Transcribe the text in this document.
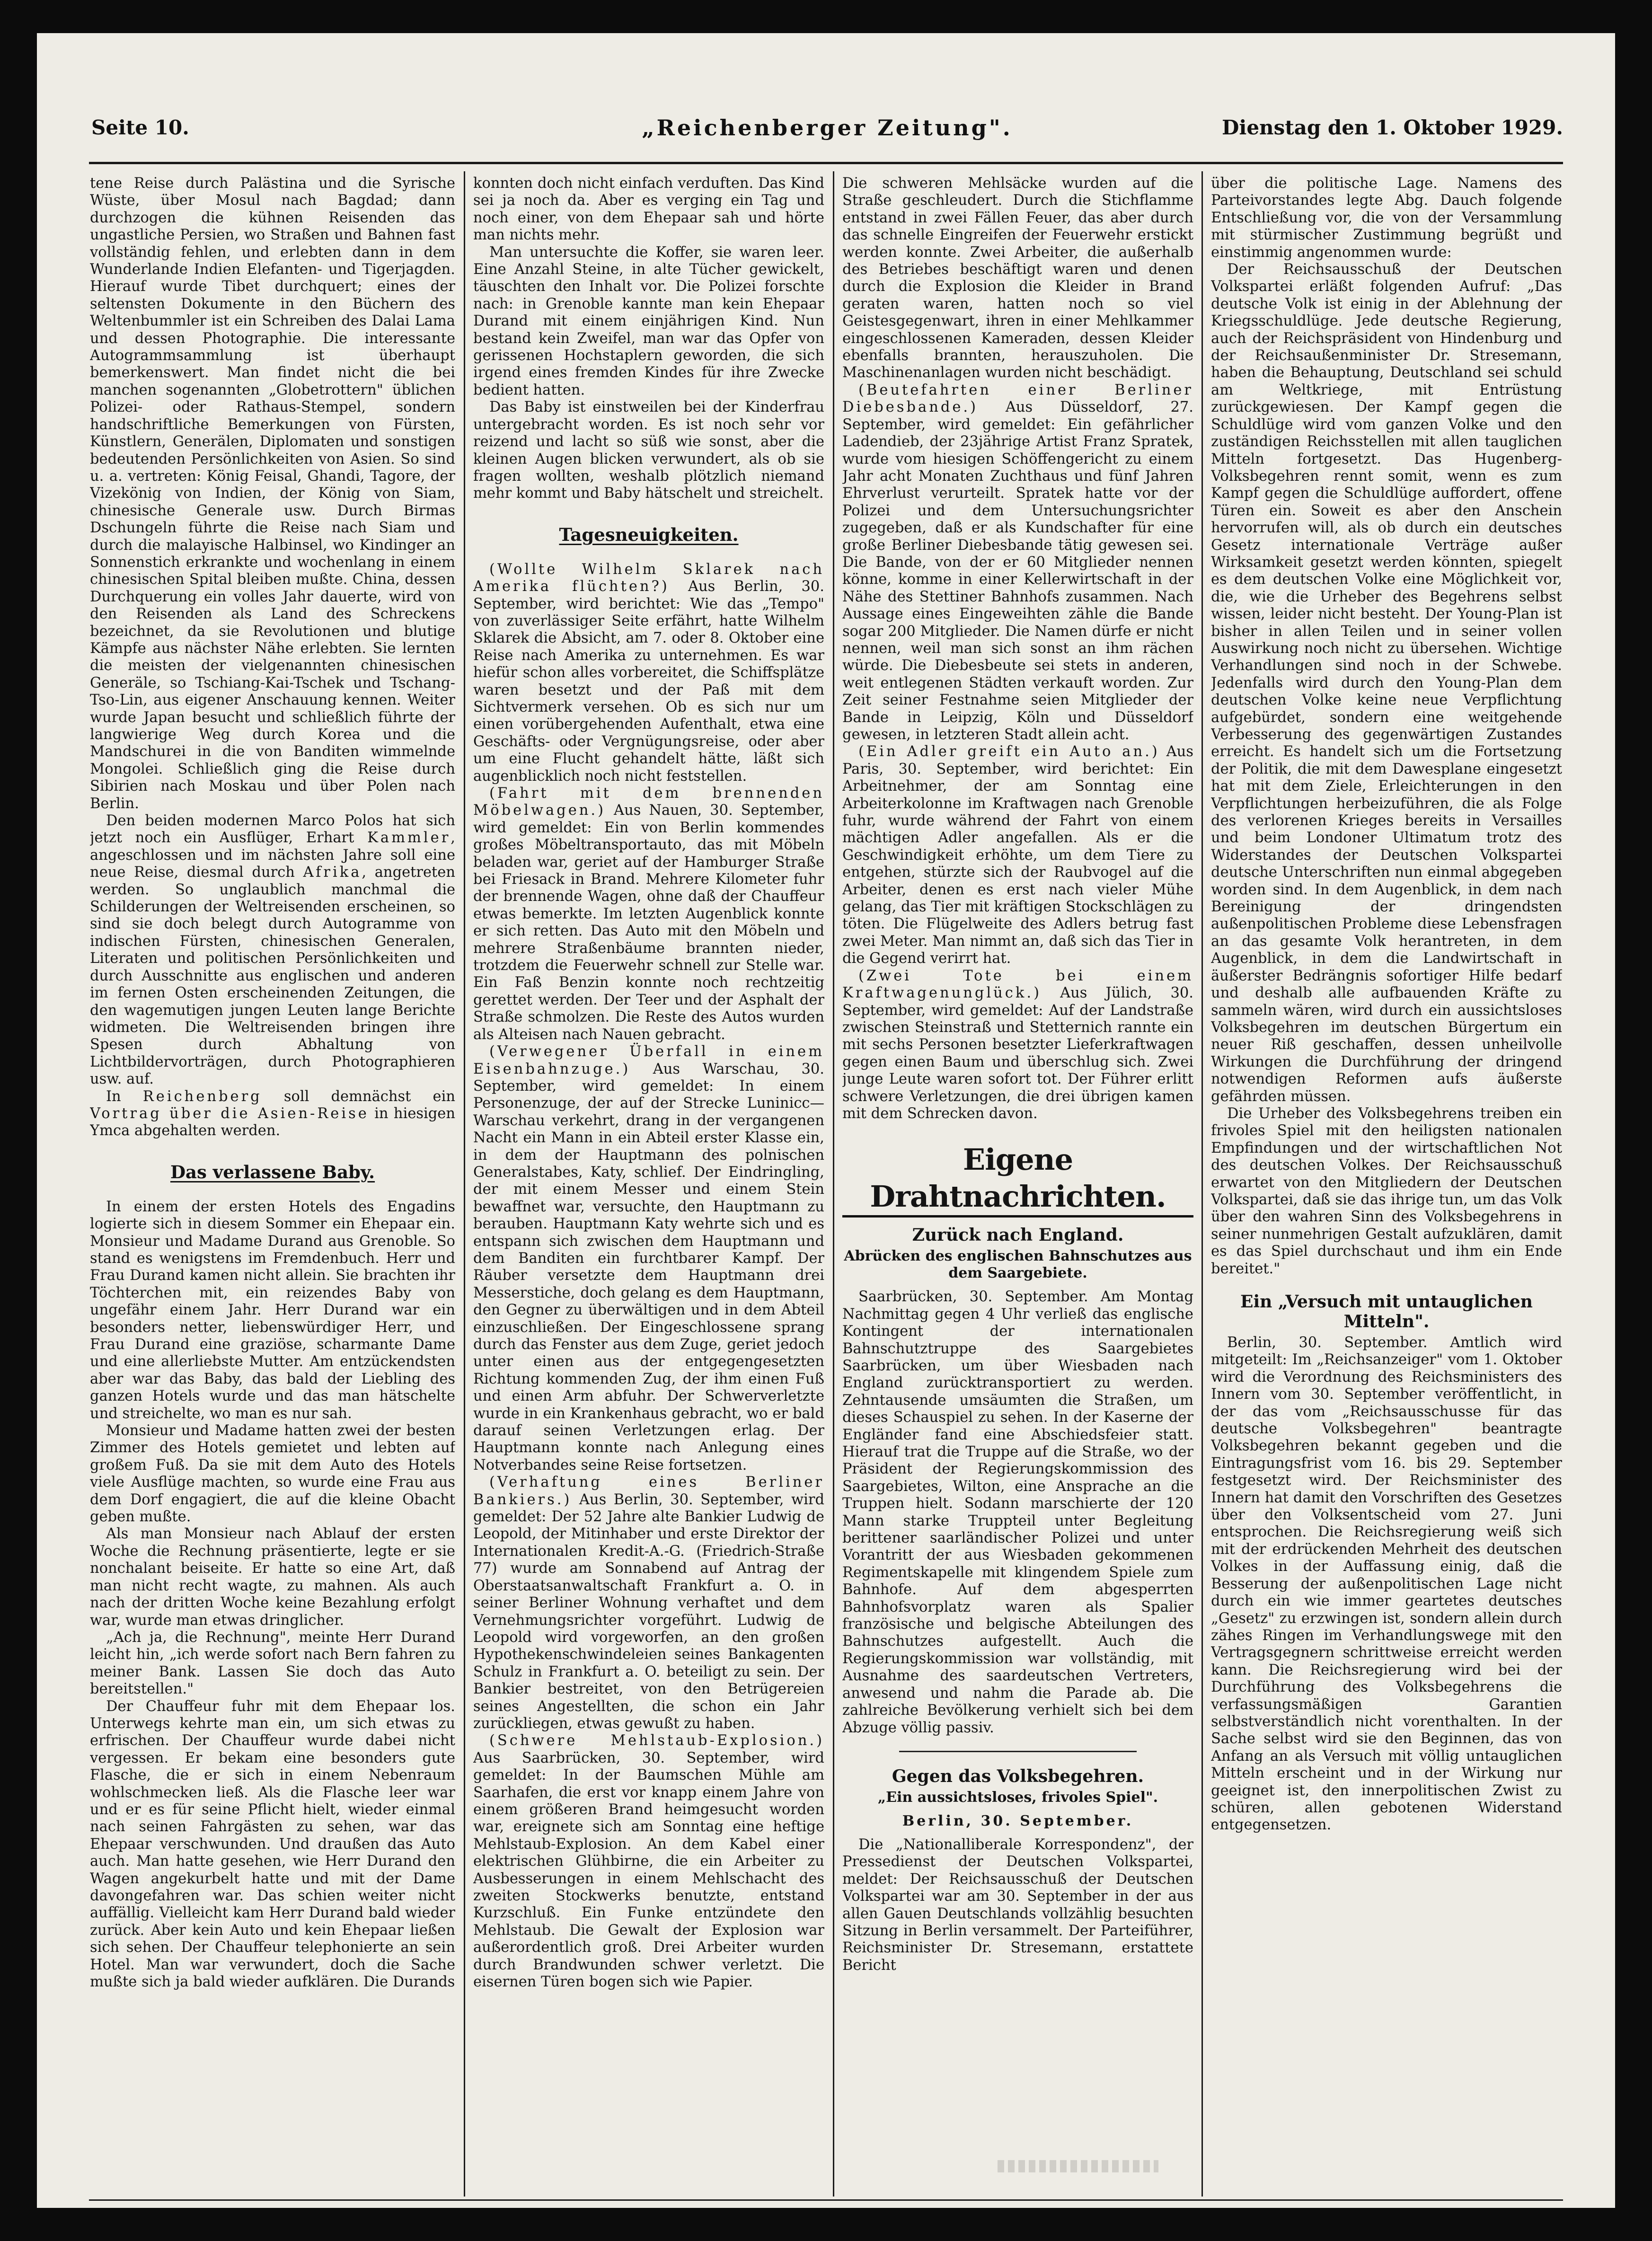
Seite 10.	„Reichenberger Zeitung".	Dienstag den 1. Oktober 1929.

tene Reise durch Palästina und die Syrische Wüste, über Mosul nach Bagdad; dann durchzogen die kühnen Reisenden das ungastliche Persien, wo Straßen und Bahnen fast vollständig fehlen, und erlebten dann in dem Wunderlande Indien Elefanten- und Tigerjagden. Hierauf wurde Tibet durchquert; eines der seltensten Dokumente in den Büchern des Weltenbummler ist ein Schreiben des Dalai Lama und dessen Photographie. Die interessante Autogrammsammlung ist überhaupt bemerkenswert. Man findet nicht die bei manchen sogenannten „Globetrottern" üblichen Polizei- oder Rathaus-Stempel, sondern handschriftliche Bemerkungen von Fürsten, Künstlern, Generälen, Diplomaten und sonstigen bedeutenden Persönlichkeiten von Asien. So sind u. a. vertreten: König Feisal, Ghandi, Tagore, der Vizekönig von Indien, der König von Siam, chinesische Generale usw. Durch Birmas Dschungeln führte die Reise nach Siam und durch die malayische Halbinsel, wo Kindinger an Sonnenstich erkrankte und wochenlang in einem chinesischen Spital bleiben mußte. China, dessen Durchquerung ein volles Jahr dauerte, wird von den Reisenden als Land des Schreckens bezeichnet, da sie Revolutionen und blutige Kämpfe aus nächster Nähe erlebten. Sie lernten die meisten der vielgenannten chinesischen Generäle, so Tschiang-Kai-Tschek und Tschang-Tso-Lin, aus eigener Anschauung kennen. Weiter wurde Japan besucht und schließlich führte der langwierige Weg durch Korea und die Mandschurei in die von Banditen wimmelnde Mongolei. Schließlich ging die Reise durch Sibirien nach Moskau und über Polen nach Berlin.

Den beiden modernen Marco Polos hat sich jetzt noch ein Ausflüger, Erhart Kammler, angeschlossen und im nächsten Jahre soll eine neue Reise, diesmal durch Afrika, angetreten werden. So unglaublich manchmal die Schilderungen der Weltreisenden erscheinen, so sind sie doch belegt durch Autogramme von indischen Fürsten, chinesischen Generalen, Literaten und politischen Persönlichkeiten und durch Ausschnitte aus englischen und anderen im fernen Osten erscheinenden Zeitungen, die den wagemutigen jungen Leuten lange Berichte widmeten. Die Weltreisenden bringen ihre Spesen durch Abhaltung von Lichtbildervorträgen, durch Photographieren usw. auf.

In Reichenberg soll demnächst ein Vortrag über die Asien-Reise in hiesigen Ymca abgehalten werden.

Das verlassene Baby.

In einem der ersten Hotels des Engadins logierte sich in diesem Sommer ein Ehepaar ein. Monsieur und Madame Durand aus Grenoble. So stand es wenigstens im Fremdenbuch. Herr und Frau Durand kamen nicht allein. Sie brachten ihr Töchterchen mit, ein reizendes Baby von ungefähr einem Jahr. Herr Durand war ein besonders netter, liebenswürdiger Herr, und Frau Durand eine graziöse, scharmante Dame und eine allerliebste Mutter. Am entzückendsten aber war das Baby, das bald der Liebling des ganzen Hotels wurde und das man hätschelte und streichelte, wo man es nur sah.

Monsieur und Madame hatten zwei der besten Zimmer des Hotels gemietet und lebten auf großem Fuß. Da sie mit dem Auto des Hotels viele Ausflüge machten, so wurde eine Frau aus dem Dorf engagiert, die auf die kleine Obacht geben mußte.

Als man Monsieur nach Ablauf der ersten Woche die Rechnung präsentierte, legte er sie nonchalant beiseite. Er hatte so eine Art, daß man nicht recht wagte, zu mahnen. Als auch nach der dritten Woche keine Bezahlung erfolgt war, wurde man etwas dringlicher.

„Ach ja, die Rechnung", meinte Herr Durand leicht hin, „ich werde sofort nach Bern fahren zu meiner Bank. Lassen Sie doch das Auto bereitstellen."

Der Chauffeur fuhr mit dem Ehepaar los. Unterwegs kehrte man ein, um sich etwas zu erfrischen. Der Chauffeur wurde dabei nicht vergessen. Er bekam eine besonders gute Flasche, die er sich in einem Nebenraum wohlschmecken ließ. Als die Flasche leer war und er es für seine Pflicht hielt, wieder einmal nach seinen Fahrgästen zu sehen, war das Ehepaar verschwunden. Und draußen das Auto auch. Man hatte gesehen, wie Herr Durand den Wagen angekurbelt hatte und mit der Dame davongefahren war. Das schien weiter nicht auffällig. Vielleicht kam Herr Durand bald wieder zurück. Aber kein Auto und kein Ehepaar ließen sich sehen. Der Chauffeur telephonierte an sein Hotel. Man war verwundert, doch die Sache mußte sich ja bald wieder aufklären. Die Durands

konnten doch nicht einfach verduften. Das Kind sei ja noch da. Aber es verging ein Tag und noch einer, von dem Ehepaar sah und hörte man nichts mehr.

Man untersuchte die Koffer, sie waren leer. Eine Anzahl Steine, in alte Tücher gewickelt, täuschten den Inhalt vor. Die Polizei forschte nach: in Grenoble kannte man kein Ehepaar Durand mit einem einjährigen Kind. Nun bestand kein Zweifel, man war das Opfer von gerissenen Hochstaplern geworden, die sich irgend eines fremden Kindes für ihre Zwecke bedient hatten.

Das Baby ist einstweilen bei der Kinderfrau untergebracht worden. Es ist noch sehr vor reizend und lacht so süß wie sonst, aber die kleinen Augen blicken verwundert, als ob sie fragen wollten, weshalb plötzlich niemand mehr kommt und Baby hätschelt und streichelt.

Tagesneuigkeiten.

(Wollte Wilhelm Sklarek nach Amerika flüchten?) Aus Berlin, 30. September, wird berichtet: Wie das „Tempo" von zuverlässiger Seite erfährt, hatte Wilhelm Sklarek die Absicht, am 7. oder 8. Oktober eine Reise nach Amerika zu unternehmen. Es war hiefür schon alles vorbereitet, die Schiffsplätze waren besetzt und der Paß mit dem Sichtvermerk versehen. Ob es sich nur um einen vorübergehenden Aufenthalt, etwa eine Geschäfts- oder Vergnügungsreise, oder aber um eine Flucht gehandelt hätte, läßt sich augenblicklich noch nicht feststellen.

(Fahrt mit dem brennenden Möbelwagen.) Aus Nauen, 30. September, wird gemeldet: Ein von Berlin kommendes großes Möbeltransportauto, das mit Möbeln beladen war, geriet auf der Hamburger Straße bei Friesack in Brand. Mehrere Kilometer fuhr der brennende Wagen, ohne daß der Chauffeur etwas bemerkte. Im letzten Augenblick konnte er sich retten. Das Auto mit den Möbeln und mehrere Straßenbäume brannten nieder, trotzdem die Feuerwehr schnell zur Stelle war. Ein Faß Benzin konnte noch rechtzeitig gerettet werden. Der Teer und der Asphalt der Straße schmolzen. Die Reste des Autos wurden als Alteisen nach Nauen gebracht.

(Verwegener Überfall in einem Eisenbahnzuge.) Aus Warschau, 30. September, wird gemeldet: In einem Personenzuge, der auf der Strecke Luninicc—Warschau verkehrt, drang in der vergangenen Nacht ein Mann in ein Abteil erster Klasse ein, in dem der Hauptmann des polnischen Generalstabes, Katy, schlief. Der Eindringling, der mit einem Messer und einem Stein bewaffnet war, versuchte, den Hauptmann zu berauben. Hauptmann Katy wehrte sich und es entspann sich zwischen dem Hauptmann und dem Banditen ein furchtbarer Kampf. Der Räuber versetzte dem Hauptmann drei Messerstiche, doch gelang es dem Hauptmann, den Gegner zu überwältigen und in dem Abteil einzuschließen. Der Eingeschlossene sprang durch das Fenster aus dem Zuge, geriet jedoch unter einen aus der entgegengesetzten Richtung kommenden Zug, der ihm einen Fuß und einen Arm abfuhr. Der Schwerverletzte wurde in ein Krankenhaus gebracht, wo er bald darauf seinen Verletzungen erlag. Der Hauptmann konnte nach Anlegung eines Notverbandes seine Reise fortsetzen.

(Verhaftung eines Berliner Bankiers.) Aus Berlin, 30. September, wird gemeldet: Der 52 Jahre alte Bankier Ludwig de Leopold, der Mitinhaber und erste Direktor der Internationalen Kredit-A.-G. (Friedrich-Straße 77) wurde am Sonnabend auf Antrag der Oberstaatsanwaltschaft Frankfurt a. O. in seiner Berliner Wohnung verhaftet und dem Vernehmungsrichter vorgeführt. Ludwig de Leopold wird vorgeworfen, an den großen Hypothekenschwindeleien seines Bankagenten Schulz in Frankfurt a. O. beteiligt zu sein. Der Bankier bestreitet, von den Betrügereien seines Angestellten, die schon ein Jahr zurückliegen, etwas gewußt zu haben.

(Schwere Mehlstaub-Explosion.) Aus Saarbrücken, 30. September, wird gemeldet: In der Baumschen Mühle am Saarhafen, die erst vor knapp einem Jahre von einem größeren Brand heimgesucht worden war, ereignete sich am Sonntag eine heftige Mehlstaub-Explosion. An dem Kabel einer elektrischen Glühbirne, die ein Arbeiter zu Ausbesserungen in einem Mehlschacht des zweiten Stockwerks benutzte, entstand Kurzschluß. Ein Funke entzündete den Mehlstaub. Die Gewalt der Explosion war außerordentlich groß. Drei Arbeiter wurden durch Brandwunden schwer verletzt. Die eisernen Türen bogen sich wie Papier.

Die schweren Mehlsäcke wurden auf die Straße geschleudert. Durch die Stichflamme entstand in zwei Fällen Feuer, das aber durch das schnelle Eingreifen der Feuerwehr erstickt werden konnte. Zwei Arbeiter, die außerhalb des Betriebes beschäftigt waren und denen durch die Explosion die Kleider in Brand geraten waren, hatten noch so viel Geistesgegenwart, ihren in einer Mehlkammer eingeschlossenen Kameraden, dessen Kleider ebenfalls brannten, herauszuholen. Die Maschinenanlagen wurden nicht beschädigt.

(Beutefahrten einer Berliner Diebesbande.) Aus Düsseldorf, 27. September, wird gemeldet: Ein gefährlicher Ladendieb, der 23jährige Artist Franz Spratek, wurde vom hiesigen Schöffengericht zu einem Jahr acht Monaten Zuchthaus und fünf Jahren Ehrverlust verurteilt. Spratek hatte vor der Polizei und dem Untersuchungsrichter zugegeben, daß er als Kundschafter für eine große Berliner Diebesbande tätig gewesen sei. Die Bande, von der er 60 Mitglieder nennen könne, komme in einer Kellerwirtschaft in der Nähe des Stettiner Bahnhofs zusammen. Nach Aussage eines Eingeweihten zähle die Bande sogar 200 Mitglieder. Die Namen dürfe er nicht nennen, weil man sich sonst an ihm rächen würde. Die Diebesbeute sei stets in anderen, weit entlegenen Städten verkauft worden. Zur Zeit seiner Festnahme seien Mitglieder der Bande in Leipzig, Köln und Düsseldorf gewesen, in letzteren Stadt allein acht.

(Ein Adler greift ein Auto an.) Aus Paris, 30. September, wird berichtet: Ein Arbeitnehmer, der am Sonntag eine Arbeiterkolonne im Kraftwagen nach Grenoble fuhr, wurde während der Fahrt von einem mächtigen Adler angefallen. Als er die Geschwindigkeit erhöhte, um dem Tiere zu entgehen, stürzte sich der Raubvogel auf die Arbeiter, denen es erst nach vieler Mühe gelang, das Tier mit kräftigen Stockschlägen zu töten. Die Flügelweite des Adlers betrug fast zwei Meter. Man nimmt an, daß sich das Tier in die Gegend verirrt hat.

(Zwei Tote bei einem Kraftwagenunglück.) Aus Jülich, 30. September, wird gemeldet: Auf der Landstraße zwischen Steinstraß und Stetternich rannte ein mit sechs Personen besetzter Lieferkraftwagen gegen einen Baum und überschlug sich. Zwei junge Leute waren sofort tot. Der Führer erlitt schwere Verletzungen, die drei übrigen kamen mit dem Schrecken davon.

Eigene Drahtnachrichten.
Zurück nach England.
Abrücken des englischen Bahnschutzes aus dem Saargebiete.

Saarbrücken, 30. September. Am Montag Nachmittag gegen 4 Uhr verließ das englische Kontingent der internationalen Bahnschutztruppe des Saargebietes Saarbrücken, um über Wiesbaden nach England zurücktransportiert zu werden. Zehntausende umsäumten die Straßen, um dieses Schauspiel zu sehen. In der Kaserne der Engländer fand eine Abschiedsfeier statt. Hierauf trat die Truppe auf die Straße, wo der Präsident der Regierungskommission des Saargebietes, Wilton, eine Ansprache an die Truppen hielt. Sodann marschierte der 120 Mann starke Truppteil unter Begleitung berittener saarländischer Polizei und unter Vorantritt der aus Wiesbaden gekommenen Regimentskapelle mit klingendem Spiele zum Bahnhofe. Auf dem abgesperrten Bahnhofsvorplatz waren als Spalier französische und belgische Abteilungen des Bahnschutzes aufgestellt. Auch die Regierungskommission war vollständig, mit Ausnahme des saardeutschen Vertreters, anwesend und nahm die Parade ab. Die zahlreiche Bevölkerung verhielt sich bei dem Abzuge völlig passiv.

Gegen das Volksbegehren.
„Ein aussichtsloses, frivoles Spiel".
Berlin, 30. September.

Die „Nationalliberale Korrespondenz", der Pressedienst der Deutschen Volkspartei, meldet: Der Reichsausschuß der Deutschen Volkspartei war am 30. September in der aus allen Gauen Deutschlands vollzählig besuchten Sitzung in Berlin versammelt. Der Parteiführer, Reichsminister Dr. Stresemann, erstattete Bericht

über die politische Lage. Namens des Parteivorstandes legte Abg. Dauch folgende Entschließung vor, die von der Versammlung mit stürmischer Zustimmung begrüßt und einstimmig angenommen wurde:

Der Reichsausschuß der Deutschen Volkspartei erläßt folgenden Aufruf: „Das deutsche Volk ist einig in der Ablehnung der Kriegsschuldlüge. Jede deutsche Regierung, auch der Reichspräsident von Hindenburg und der Reichsaußenminister Dr. Stresemann, haben die Behauptung, Deutschland sei schuld am Weltkriege, mit Entrüstung zurückgewiesen. Der Kampf gegen die Schuldlüge wird vom ganzen Volke und den zuständigen Reichsstellen mit allen tauglichen Mitteln fortgesetzt. Das Hugenberg-Volksbegehren rennt somit, wenn es zum Kampf gegen die Schuldlüge auffordert, offene Türen ein. Soweit es aber den Anschein hervorrufen will, als ob durch ein deutsches Gesetz internationale Verträge außer Wirksamkeit gesetzt werden könnten, spiegelt es dem deutschen Volke eine Möglichkeit vor, die, wie die Urheber des Begehrens selbst wissen, leider nicht besteht. Der Young-Plan ist bisher in allen Teilen und in seiner vollen Auswirkung noch nicht zu übersehen. Wichtige Verhandlungen sind noch in der Schwebe. Jedenfalls wird durch den Young-Plan dem deutschen Volke keine neue Verpflichtung aufgebürdet, sondern eine weitgehende Verbesserung des gegenwärtigen Zustandes erreicht. Es handelt sich um die Fortsetzung der Politik, die mit dem Dawesplane eingesetzt hat mit dem Ziele, Erleichterungen in den Verpflichtungen herbeizuführen, die als Folge des verlorenen Krieges bereits in Versailles und beim Londoner Ultimatum trotz des Widerstandes der Deutschen Volkspartei deutsche Unterschriften nun einmal abgegeben worden sind. In dem Augenblick, in dem nach Bereinigung der dringendsten außenpolitischen Probleme diese Lebensfragen an das gesamte Volk herantreten, in dem Augenblick, in dem die Landwirtschaft in äußerster Bedrängnis sofortiger Hilfe bedarf und deshalb alle aufbauenden Kräfte zu sammeln wären, wird durch ein aussichtsloses Volksbegehren im deutschen Bürgertum ein neuer Riß geschaffen, dessen unheilvolle Wirkungen die Durchführung der dringend notwendigen Reformen aufs äußerste gefährden müssen.

Die Urheber des Volksbegehrens treiben ein frivoles Spiel mit den heiligsten nationalen Empfindungen und der wirtschaftlichen Not des deutschen Volkes. Der Reichsausschuß erwartet von den Mitgliedern der Deutschen Volkspartei, daß sie das ihrige tun, um das Volk über den wahren Sinn des Volksbegehrens in seiner nunmehrigen Gestalt aufzuklären, damit es das Spiel durchschaut und ihm ein Ende bereitet."

Ein „Versuch mit untauglichen Mitteln".

Berlin, 30. September. Amtlich wird mitgeteilt: Im „Reichsanzeiger" vom 1. Oktober wird die Verordnung des Reichsministers des Innern vom 30. September veröffentlicht, in der das vom „Reichsausschusse für das deutsche Volksbegehren" beantragte Volksbegehren bekannt gegeben und die Eintragungsfrist vom 16. bis 29. September festgesetzt wird. Der Reichsminister des Innern hat damit den Vorschriften des Gesetzes über den Volksentscheid vom 27. Juni entsprochen. Die Reichsregierung weiß sich mit der erdrückenden Mehrheit des deutschen Volkes in der Auffassung einig, daß die Besserung der außenpolitischen Lage nicht durch ein wie immer geartetes deutsches „Gesetz" zu erzwingen ist, sondern allein durch zähes Ringen im Verhandlungswege mit den Vertragsgegnern schrittweise erreicht werden kann. Die Reichsregierung wird bei der Durchführung des Volksbegehrens die verfassungsmäßigen Garantien selbstverständlich nicht vorenthalten. In der Sache selbst wird sie den Beginnen, das von Anfang an als Versuch mit völlig untauglichen Mitteln erscheint und in der Wirkung nur geeignet ist, den innerpolitischen Zwist zu schüren, allen gebotenen Widerstand entgegensetzen.
